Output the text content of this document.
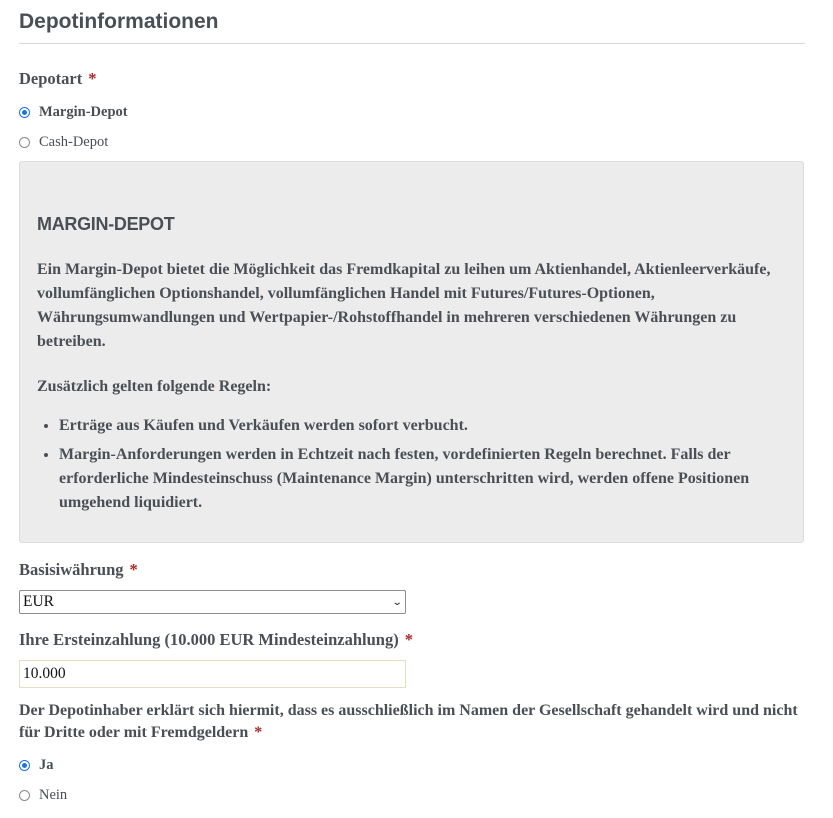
Depotinformationen
Depotart *
Margin-Depot
Cash-Depot
MARGIN-DEPOT
Ein Margin-Depot bietet die Möglichkeit das Fremdkapital zu leihen um Aktienhandel, Aktienleerverkäufe, vollumfänglichen Optionshandel, vollumfänglichen Handel mit Futures/Futures-Optionen, Währungsumwandlungen und Wertpapier-/Rohstoffhandel in mehreren verschiedenen Währungen zu betreiben.
Zusätzlich gelten folgende Regeln:
• Erträge aus Käufen und Verkäufen werden sofort verbucht.
• Margin-Anforderungen werden in Echtzeit nach festen, vordefinierten Regeln berechnet. Falls der erforderliche Mindesteinschuss (Maintenance Margin) unterschritten wird, werden offene Positionen umgehend liquidiert.
Basisiwährung *
EUR	⌄
Ihre Ersteinzahlung (10.000 EUR Mindesteinzahlung) *
10.000
Der Depotinhaber erklärt sich hiermit, dass es ausschließlich im Namen der Gesellschaft gehandelt wird und nicht für Dritte oder mit Fremdgeldern *
Ja
Nein
